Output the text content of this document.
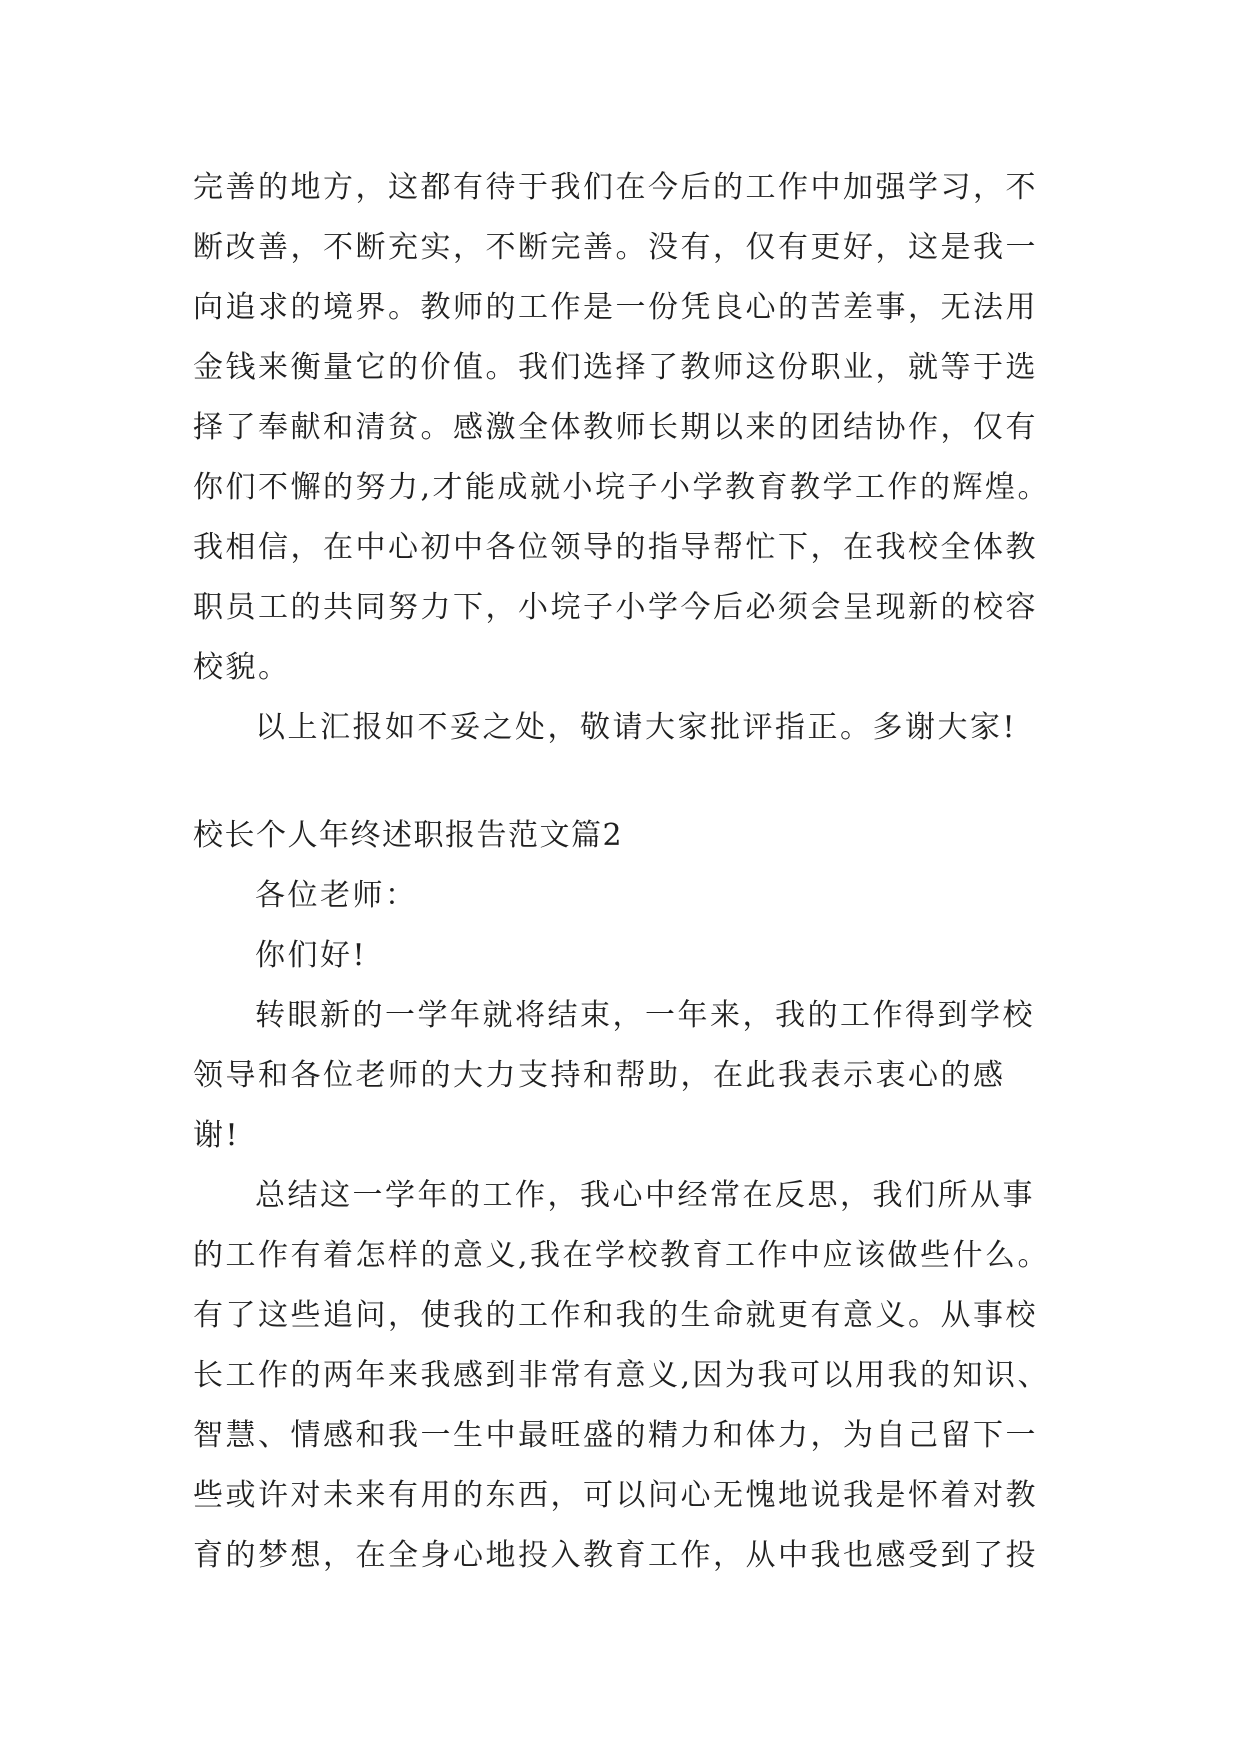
完善的地方，这都有待于我们在今后的工作中加强学习，不
断改善，不断充实，不断完善。没有，仅有更好，这是我一
向追求的境界。教师的工作是一份凭良心的苦差事，无法用
金钱来衡量它的价值。我们选择了教师这份职业，就等于选
择了奉献和清贫。感激全体教师长期以来的团结协作，仅有
你们不懈的努力,才能成就小垸子小学教育教学工作的辉煌。
我相信，在中心初中各位领导的指导帮忙下，在我校全体教
职员工的共同努力下，小垸子小学今后必须会呈现新的校容
校貌。
以上汇报如不妥之处，敬请大家批评指正。多谢大家!
校长个人年终述职报告范文篇2
各位老师：
你们好!
转眼新的一学年就将结束，一年来，我的工作得到学校
领导和各位老师的大力支持和帮助，在此我表示衷心的感
谢!
总结这一学年的工作，我心中经常在反思，我们所从事
的工作有着怎样的意义,我在学校教育工作中应该做些什么。
有了这些追问，使我的工作和我的生命就更有意义。从事校
长工作的两年来我感到非常有意义,因为我可以用我的知识、
智慧、情感和我一生中最旺盛的精力和体力，为自己留下一
些或许对未来有用的东西，可以问心无愧地说我是怀着对教
育的梦想，在全身心地投入教育工作，从中我也感受到了投
